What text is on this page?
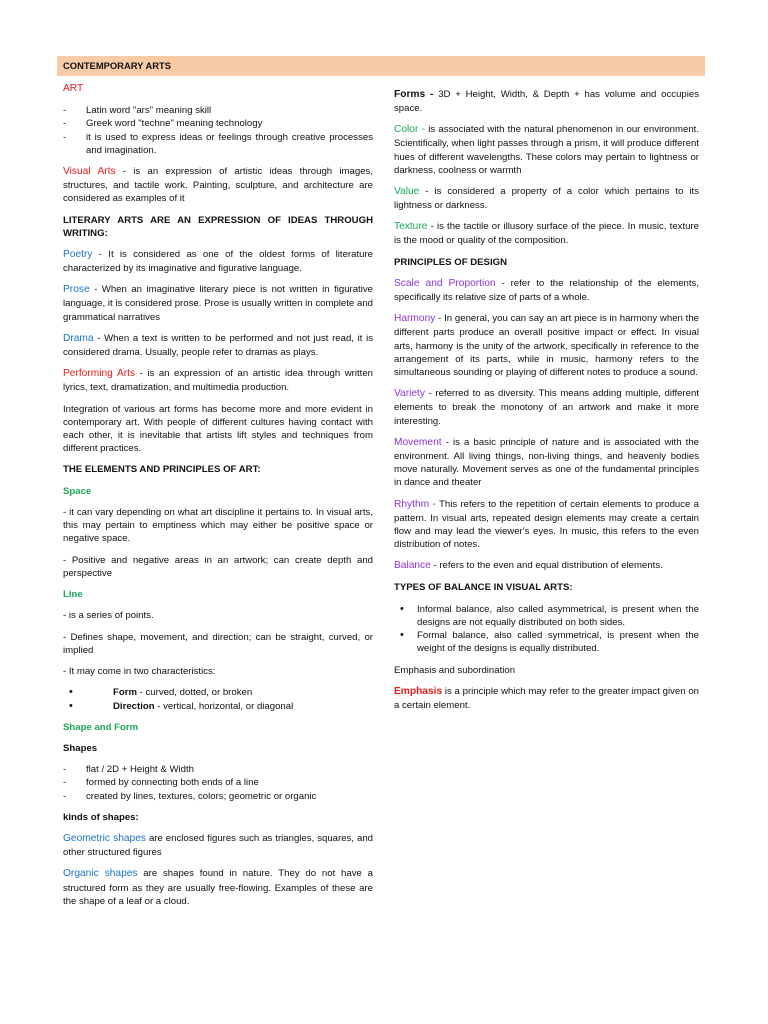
CONTEMPORARY ARTS

ART

- Latin word "ars" meaning skill
- Greek word "techne" meaning technology
- it is used to express ideas or feelings through creative processes and imagination.

Visual Arts - is an expression of artistic ideas through images, structures, and tactile work. Painting, sculpture, and architecture are considered as examples of it

LITERARY ARTS ARE AN EXPRESSION OF IDEAS THROUGH WRITING:

Poetry - It is considered as one of the oldest forms of literature characterized by its imaginative and figurative language.

Prose - When an imaginative literary piece is not written in figurative language, it is considered prose. Prose is usually written in complete and grammatical narratives

Drama - When a text is written to be performed and not just read, it is considered drama. Usually, people refer to dramas as plays.

Performing Arts - is an expression of an artistic idea through written lyrics, text, dramatization, and multimedia production.

Integration of various art forms has become more and more evident in contemporary art. With people of different cultures having contact with each other, it is inevitable that artists lift styles and techniques from different practices.

THE ELEMENTS AND PRINCIPLES OF ART:

Space

- it can vary depending on what art discipline it pertains to. In visual arts, this may pertain to emptiness which may either be positive space or negative space.

- Positive and negative areas in an artwork; can create depth and perspective

Line

- is a series of points.

- Defines shape, movement, and direction; can be straight, curved, or implied

- It may come in two characteristics:

• Form - curved, dotted, or broken
• Direction - vertical, horizontal, or diagonal

Shape and Form

Shapes

- flat / 2D + Height & Width
- formed by connecting both ends of a line
- created by lines, textures, colors; geometric or organic

kinds of shapes:

Geometric shapes are enclosed figures such as triangles, squares, and other structured figures

Organic shapes are shapes found in nature. They do not have a structured form as they are usually free-flowing. Examples of these are the shape of a leaf or a cloud.

Forms - 3D + Height, Width, & Depth + has volume and occupies space.

Color - is associated with the natural phenomenon in our environment. Scientifically, when light passes through a prism, it will produce different hues of different wavelengths. These colors may pertain to lightness or darkness, coolness or warmth

Value - is considered a property of a color which pertains to its lightness or darkness.

Texture - is the tactile or illusory surface of the piece. In music, texture is the mood or quality of the composition.

PRINCIPLES OF DESIGN

Scale and Proportion - refer to the relationship of the elements, specifically its relative size of parts of a whole.

Harmony - In general, you can say an art piece is in harmony when the different parts produce an overall positive impact or effect. In visual arts, harmony is the unity of the artwork, specifically in reference to the arrangement of its parts, while in music, harmony refers to the simultaneous sounding or playing of different notes to produce a sound.

Variety - referred to as diversity. This means adding multiple, different elements to break the monotony of an artwork and make it more interesting.

Movement - is a basic principle of nature and is associated with the environment. All living things, non-living things, and heavenly bodies move naturally. Movement serves as one of the fundamental principles in dance and theater

Rhythm - This refers to the repetition of certain elements to produce a pattern. In visual arts, repeated design elements may create a certain flow and may lead the viewer's eyes. In music, this refers to the even distribution of notes.

Balance - refers to the even and equal distribution of elements.

TYPES OF BALANCE IN VISUAL ARTS:

• Informal balance, also called asymmetrical, is present when the designs are not equally distributed on both sides.
• Formal balance, also called symmetrical, is present when the weight of the designs is equally distributed.

Emphasis and subordination

Emphasis is a principle which may refer to the greater impact given on a certain element.
